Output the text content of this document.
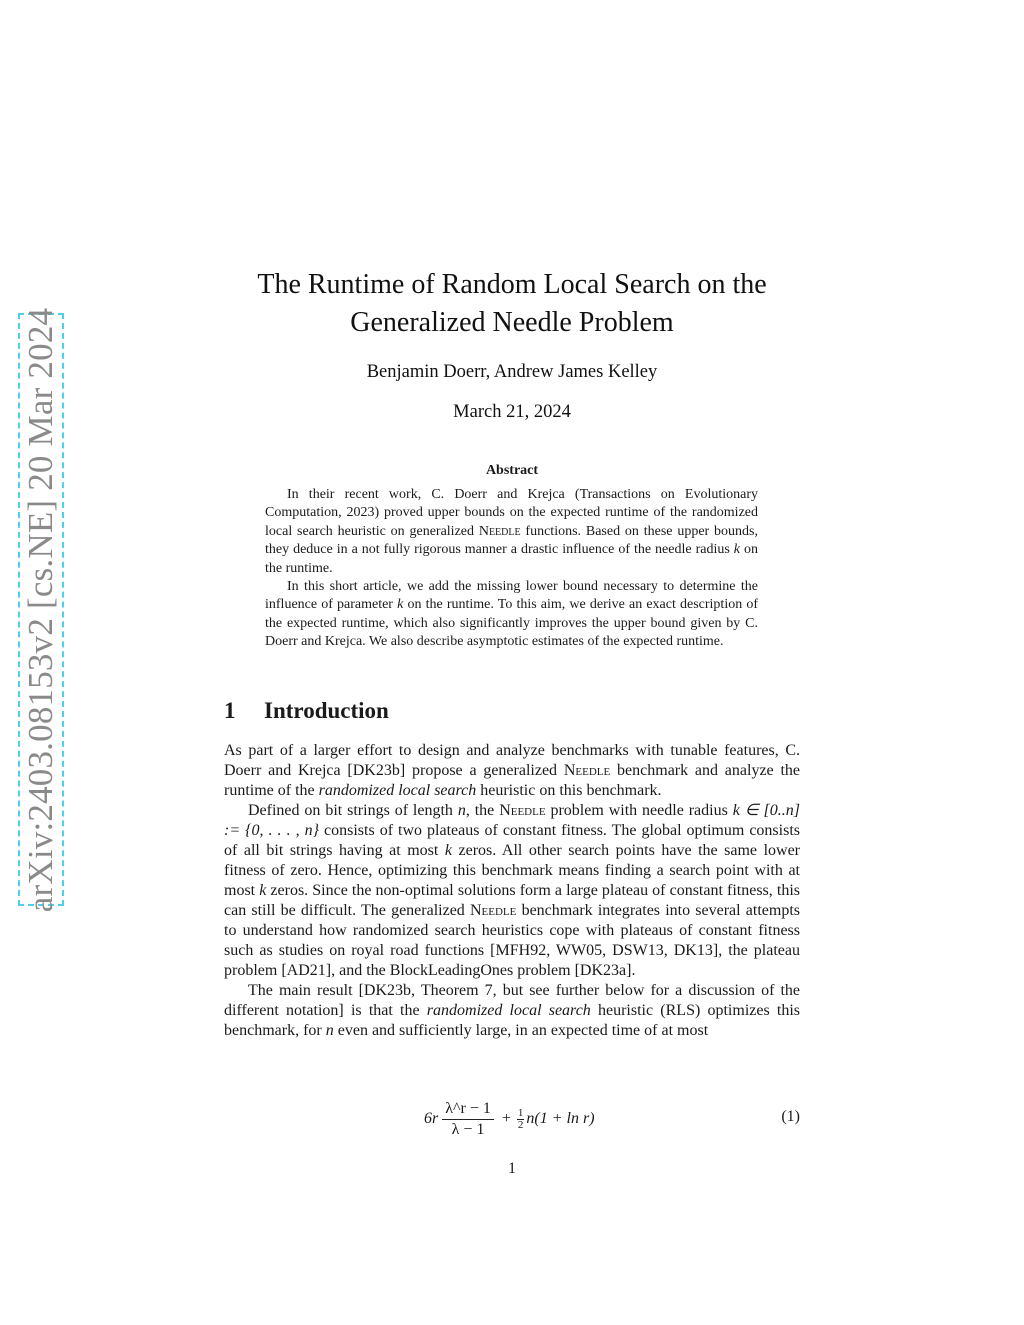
arXiv:2403.08153v2 [cs.NE] 20 Mar 2024
The Runtime of Random Local Search on the Generalized Needle Problem
Benjamin Doerr, Andrew James Kelley
March 21, 2024
Abstract

In their recent work, C. Doerr and Krejca (Transactions on Evolutionary Computation, 2023) proved upper bounds on the expected runtime of the randomized local search heuristic on generalized Needle functions. Based on these upper bounds, they deduce in a not fully rigorous manner a drastic influence of the needle radius k on the runtime.

In this short article, we add the missing lower bound necessary to determine the influence of parameter k on the runtime. To this aim, we derive an exact description of the expected runtime, which also significantly improves the upper bound given by C. Doerr and Krejca. We also describe asymptotic estimates of the expected runtime.

1 Introduction

As part of a larger effort to design and analyze benchmarks with tunable features, C. Doerr and Krejca [DK23b] propose a generalized Needle benchmark and analyze the runtime of the randomized local search heuristic on this benchmark.

Defined on bit strings of length n, the Needle problem with needle radius k ∈ [0..n] := {0, . . . , n} consists of two plateaus of constant fitness. The global optimum consists of all bit strings having at most k zeros. All other search points have the same lower fitness of zero. Hence, optimizing this benchmark means finding a search point with at most k zeros. Since the non-optimal solutions form a large plateau of constant fitness, this can still be difficult. The generalized Needle benchmark integrates into several attempts to understand how randomized search heuristics cope with plateaus of constant fitness such as studies on royal road functions [MFH92, WW05, DSW13, DK13], the plateau problem [AD21], and the BlockLeadingOnes problem [DK23a].

The main result [DK23b, Theorem 7, but see further below for a discussion of the different notation] is that the randomized local search heuristic (RLS) optimizes this benchmark, for n even and sufficiently large, in an expected time of at most

$6r \frac{\lambda\^{}r - 1}{\lambda - 1} + \frac{1}{2} n(1 + \ln r)$	(1)
1
